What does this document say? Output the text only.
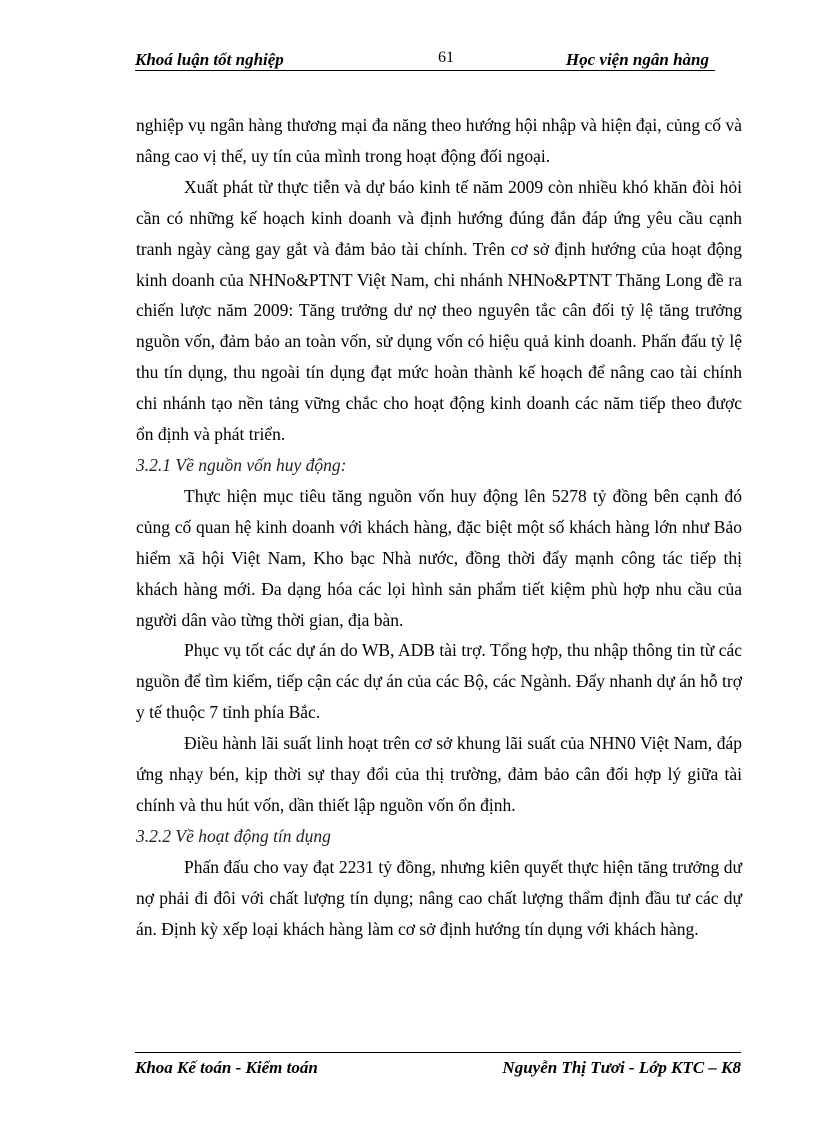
Khoá luận tốt nghiệp	61	Học viện ngân hàng

nghiệp vụ ngân hàng thương mại đa năng theo hướng hội nhập và hiện đại, củng cố và nâng cao vị thế, uy tín của mình trong hoạt động đối ngoại.

Xuất phát từ thực tiễn và dự báo kinh tế năm 2009 còn nhiều khó khăn đòi hỏi cần có những kế hoạch kinh doanh và định hướng đúng đắn đáp ứng yêu cầu cạnh tranh ngày càng gay gắt và đảm bảo tài chính. Trên cơ sở định hướng của hoạt động kinh doanh của NHNo&PTNT Việt Nam, chi nhánh NHNo&PTNT Thăng Long đề ra chiến lược năm 2009: Tăng trưởng dư nợ theo nguyên tắc cân đối tỷ lệ tăng trưởng nguồn vốn, đảm bảo an toàn vốn, sử dụng vốn có hiệu quả kinh doanh. Phấn đấu tỷ lệ thu tín dụng, thu ngoài tín dụng đạt mức hoàn thành kế hoạch để nâng cao tài chính chi nhánh tạo nền tảng vững chắc cho hoạt động kinh doanh các năm tiếp theo được ổn định và phát triển.

3.2.1 Về nguồn vốn huy động:

Thực hiện mục tiêu tăng nguồn vốn huy động lên 5278 tỷ đồng bên cạnh đó củng cố quan hệ kinh doanh với khách hàng, đặc biệt một số khách hàng lớn như Bảo hiểm xã hội Việt Nam, Kho bạc Nhà nước, đồng thời đẩy mạnh công tác tiếp thị khách hàng mới. Đa dạng hóa các lọi hình sản phẩm tiết kiệm phù hợp nhu cầu của người dân vào từng thời gian, địa bàn.

Phục vụ tốt các dự án do WB, ADB tài trợ. Tổng hợp, thu nhập thông tin từ các nguồn để tìm kiếm, tiếp cận các dự án của các Bộ, các Ngành. Đẩy nhanh dự án hỗ trợ y tế thuộc 7 tỉnh phía Bắc.

Điều hành lãi suất linh hoạt trên cơ sở khung lãi suất của NHN0 Việt Nam, đáp ứng nhạy bén, kịp thời sự thay đổi của thị trường, đảm bảo cân đối hợp lý giữa tài chính và thu hút vốn, dần thiết lập nguồn vốn ổn định.

3.2.2 Về hoạt động tín dụng

Phấn đấu cho vay đạt 2231 tỷ đồng, nhưng kiên quyết thực hiện tăng trưởng dư nợ phải đi đôi với chất lượng tín dụng; nâng cao chất lượng thẩm định đầu tư các dự án. Định kỳ xếp loại khách hàng làm cơ sở định hướng tín dụng với khách hàng.

Khoa Kế toán - Kiểm toán	Nguyễn Thị Tươi - Lớp KTC – K8
